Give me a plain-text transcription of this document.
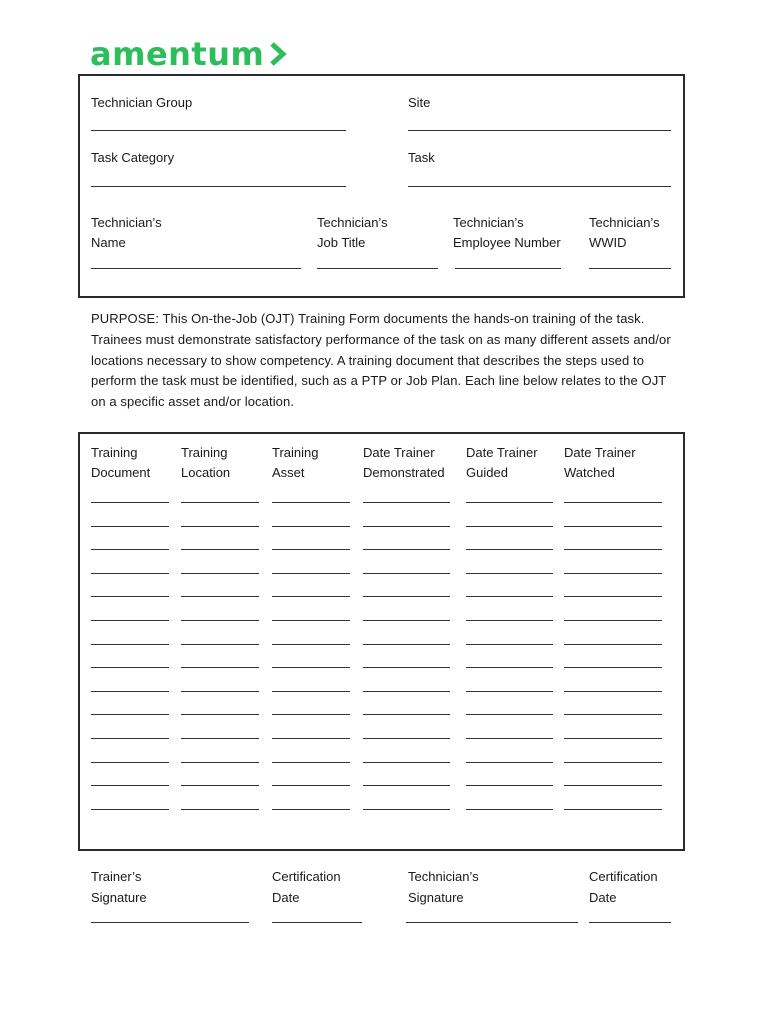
amentum
Technician Group	Site
Task Category	Task
Technician’s
Name
Technician’s
Job Title
Technician’s
Employee Number
Technician’s
WWID
PURPOSE: This On-the-Job (OJT) Training Form documents the hands-on training of the task. Trainees must demonstrate satisfactory performance of the task on as many different assets and/or locations necessary to show competency. A training document that describes the steps used to perform the task must be identified, such as a PTP or Job Plan. Each line below relates to the OJT on a specific asset and/or location.
Training
Document
Training
Location
Training
Asset
Date Trainer
Demonstrated
Date Trainer
Guided
Date Trainer
Watched
Trainer’s
Signature
Certification
Date
Technician’s
Signature
Certification
Date
